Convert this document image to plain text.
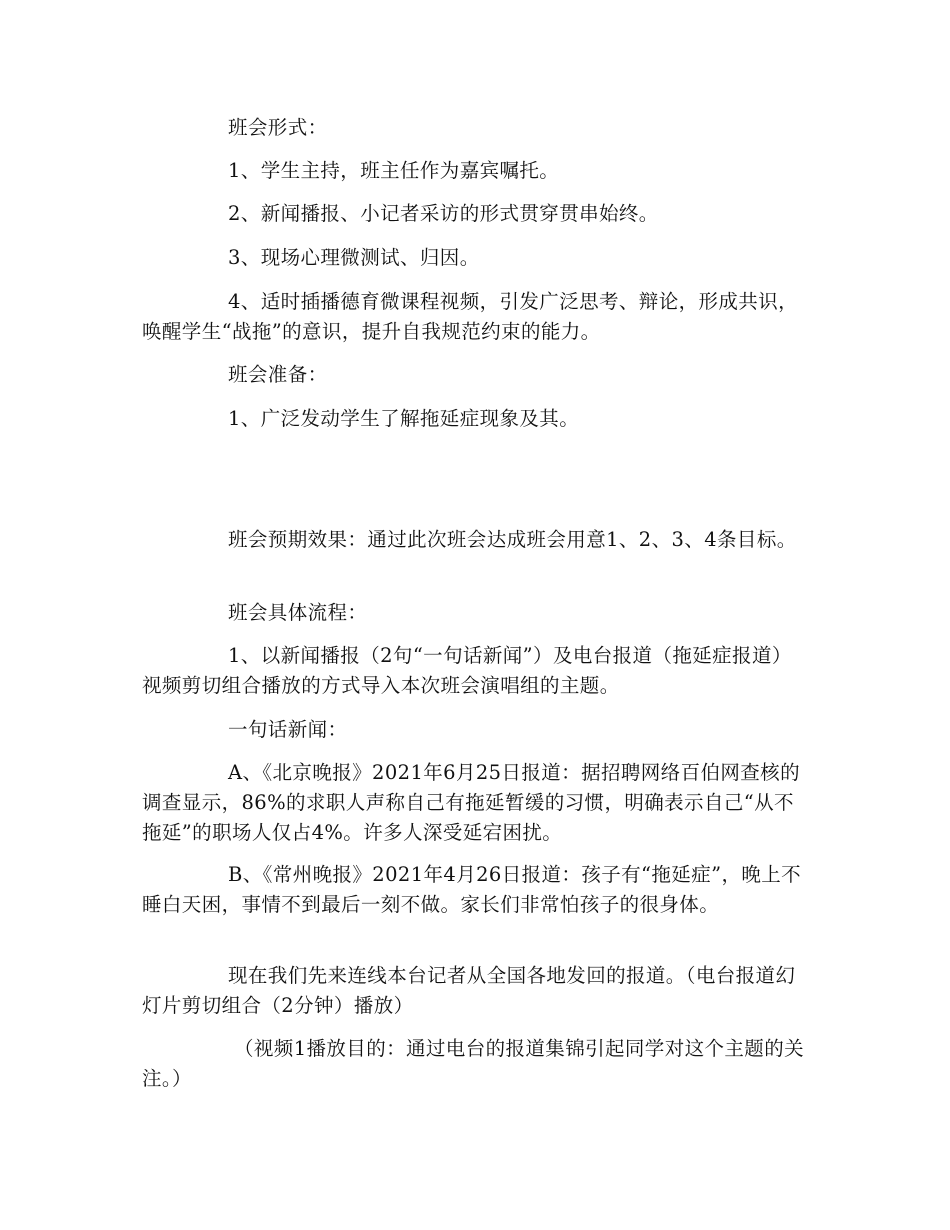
班会形式：

1、学生主持，班主任作为嘉宾嘱托。

2、新闻播报、小记者采访的形式贯穿贯串始终。

3、现场心理微测试、归因。

4、适时插播德育微课程视频，引发广泛思考、辩论，形成共识，唤醒学生“战拖”的意识，提升自我规范约束的能力。

班会准备：

1、广泛发动学生了解拖延症现象及其。

班会预期效果：通过此次班会达成班会用意1、2、3、4条目标。

班会具体流程：

1、以新闻播报（2句“一句话新闻”）及电台报道（拖延症报道）视频剪切组合播放的方式导入本次班会演唱组的主题。

一句话新闻：

A、《北京晚报》2021年6月25日报道：据招聘网络百伯网查核的调查显示，86%的求职人声称自己有拖延暂缓的习惯，明确表示自己“从不拖延”的职场人仅占4%。许多人深受延宕困扰。

B、《常州晚报》2021年4月26日报道：孩子有“拖延症”，晚上不睡白天困，事情不到最后一刻不做。家长们非常怕孩子的很身体。

现在我们先来连线本台记者从全国各地发回的报道。（电台报道幻灯片剪切组合（2分钟）播放）

（视频1播放目的：通过电台的报道集锦引起同学对这个主题的关注。）
